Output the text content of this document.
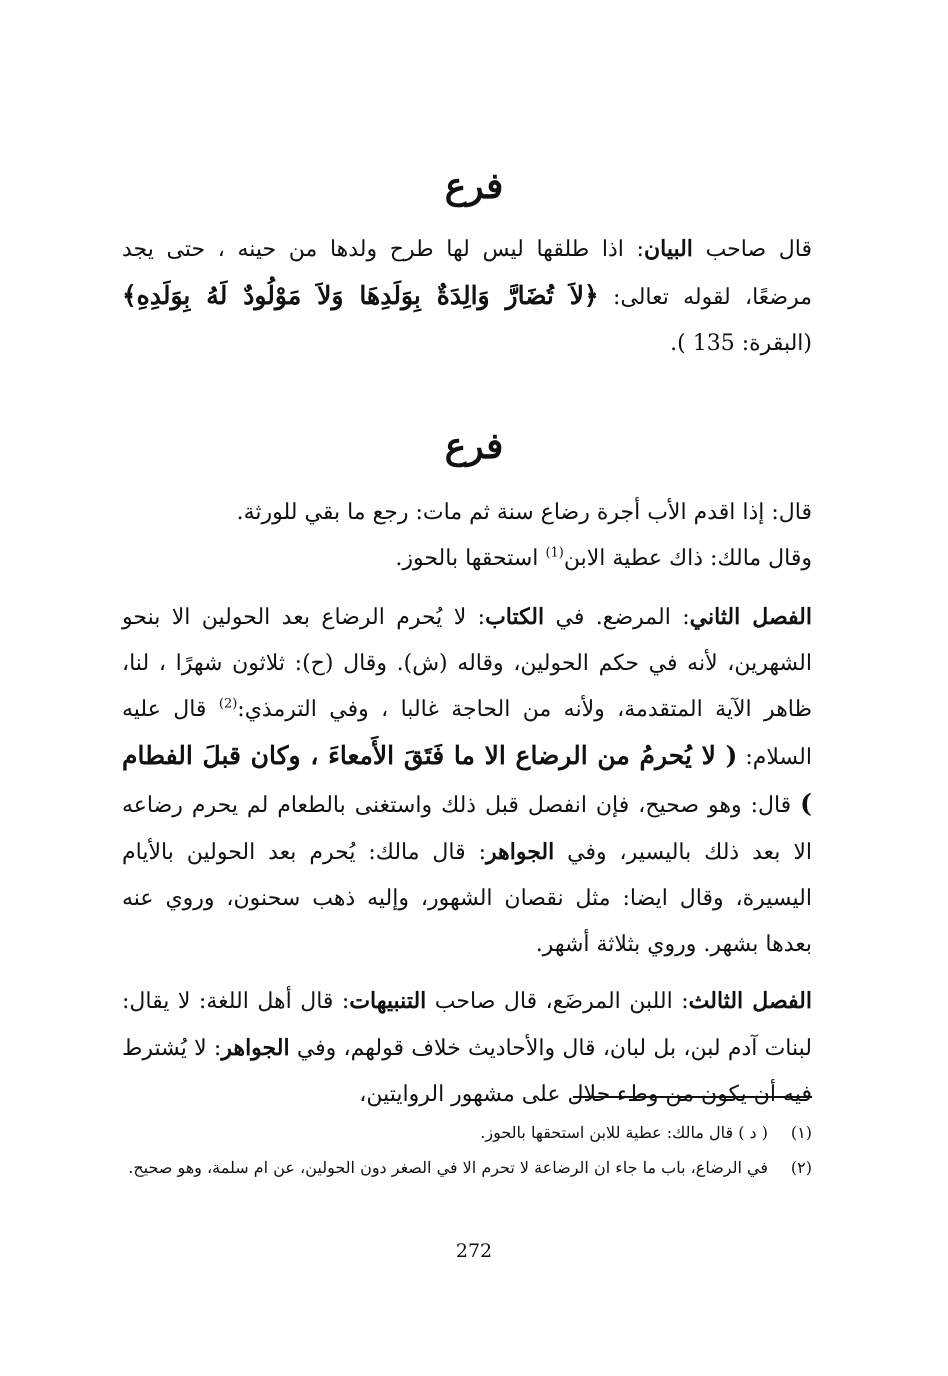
فرع

قال صاحب البيان: اذا طلقها ليس لها طرح ولدها من حينه ، حتى يجد مرضعًا، لقوله تعالى: ﴿لاَ تُضَارَّ وَالِدَةٌ بِوَلَدِهَا وَلاَ مَوْلُودٌ لَهُ بِوَلَدِهِ﴾ (البقرة: 135 ).

فرع

قال: إذا اقدم الأب أجرة رضاع سنة ثم مات: رجع ما بقي للورثة.
وقال مالك: ذاك عطية الابن$^{(1)}$ استحقها بالحوز.

الفصل الثاني: المرضع. في الكتاب: لا يُحرم الرضاع بعد الحولين الا بنحو الشهرين، لأنه في حكم الحولين، وقاله (ش). وقال (ح): ثلاثون شهرًا ، لنا، ظاهر الآية المتقدمة، ولأنه من الحاجة غالبا ، وفي الترمذي:$^{(2)}$ قال عليه السلام: ( لا يُحرمُ من الرضاع الا ما فَتَقَ الأَمعاءَ ، وكان قبلَ الفطام ) قال: وهو صحيح، فإن انفصل قبل ذلك واستغنى بالطعام لم يحرم رضاعه الا بعد ذلك باليسير، وفي الجواهر: قال مالك: يُحرم بعد الحولين بالأيام اليسيرة، وقال ايضا: مثل نقصان الشهور، وإليه ذهب سحنون، وروي عنه بعدها بشهر. وروي بثلاثة أشهر.

الفصل الثالث: اللبن المرضَع، قال صاحب التنبيهات: قال أهل اللغة: لا يقال: لبنات آدم لبن، بل لبان، قال والأحاديث خلاف قولهم، وفي الجواهر: لا يُشترط فيه أن يكون من وطء حلال على مشهور الروايتين،

(١)
( د ) قال مالك: عطية للابن استحقها بالحوز.

(٢)
في الرضاع، باب ما جاء ان الرضاعة لا تحرم الا في الصغر دون الحولين، عن ام سلمة، وهو صحيح.

272
